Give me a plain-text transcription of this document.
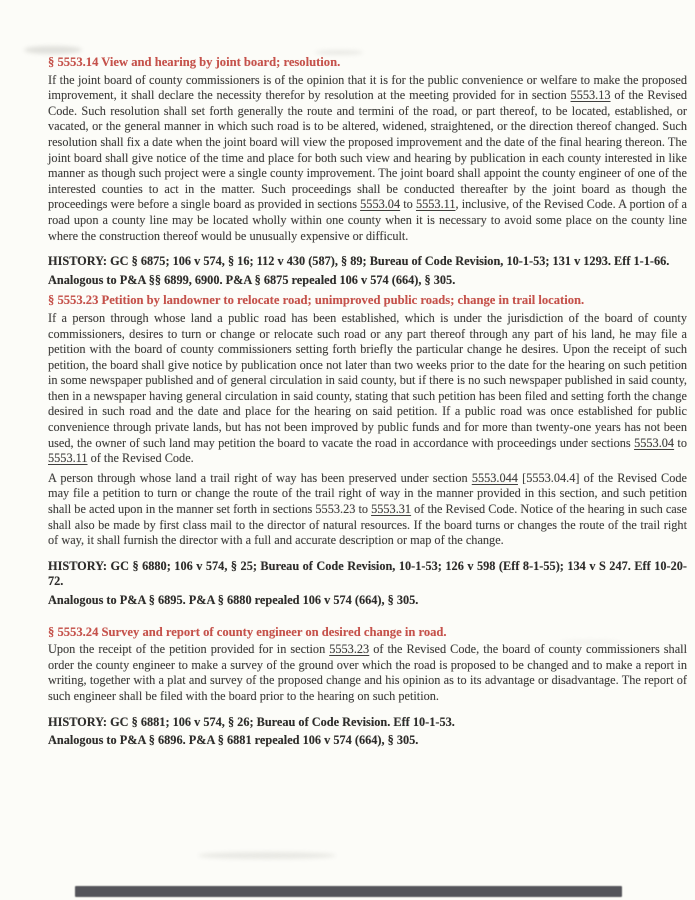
§ 5553.14 View and hearing by joint board; resolution.

If the joint board of county commissioners is of the opinion that it is for the public convenience or welfare to make the proposed improvement, it shall declare the necessity therefor by resolution at the meeting provided for in section 5553.13 of the Revised Code. Such resolution shall set forth generally the route and termini of the road, or part thereof, to be located, established, or vacated, or the general manner in which such road is to be altered, widened, straightened, or the direction thereof changed. Such resolution shall fix a date when the joint board will view the proposed improvement and the date of the final hearing thereon. The joint board shall give notice of the time and place for both such view and hearing by publication in each county interested in like manner as though such project were a single county improvement. The joint board shall appoint the county engineer of one of the interested counties to act in the matter. Such proceedings shall be conducted thereafter by the joint board as though the proceedings were before a single board as provided in sections 5553.04 to 5553.11, inclusive, of the Revised Code. A portion of a road upon a county line may be located wholly within one county when it is necessary to avoid some place on the county line where the construction thereof would be unusually expensive or difficult.

HISTORY: GC § 6875; 106 v 574, § 16; 112 v 430 (587), § 89; Bureau of Code Revision, 10-1-53; 131 v 1293. Eff 1-1-66.

Analogous to P&A §§ 6899, 6900. P&A § 6875 repealed 106 v 574 (664), § 305.

§ 5553.23 Petition by landowner to relocate road; unimproved public roads; change in trail location.

If a person through whose land a public road has been established, which is under the jurisdiction of the board of county commissioners, desires to turn or change or relocate such road or any part thereof through any part of his land, he may file a petition with the board of county commissioners setting forth briefly the particular change he desires. Upon the receipt of such petition, the board shall give notice by publication once not later than two weeks prior to the date for the hearing on such petition in some newspaper published and of general circulation in said county, but if there is no such newspaper published in said county, then in a newspaper having general circulation in said county, stating that such petition has been filed and setting forth the change desired in such road and the date and place for the hearing on said petition. If a public road was once established for public convenience through private lands, but has not been improved by public funds and for more than twenty-one years has not been used, the owner of such land may petition the board to vacate the road in accordance with proceedings under sections 5553.04 to 5553.11 of the Revised Code.

A person through whose land a trail right of way has been preserved under section 5553.044 [5553.04.4] of the Revised Code may file a petition to turn or change the route of the trail right of way in the manner provided in this section, and such petition shall be acted upon in the manner set forth in sections 5553.23 to 5553.31 of the Revised Code. Notice of the hearing in such case shall also be made by first class mail to the director of natural resources. If the board turns or changes the route of the trail right of way, it shall furnish the director with a full and accurate description or map of the change.

HISTORY: GC § 6880; 106 v 574, § 25; Bureau of Code Revision, 10-1-53; 126 v 598 (Eff 8-1-55); 134 v S 247. Eff 10-20-72.

Analogous to P&A § 6895. P&A § 6880 repealed 106 v 574 (664), § 305.

§ 5553.24 Survey and report of county engineer on desired change in road.

Upon the receipt of the petition provided for in section 5553.23 of the Revised Code, the board of county commissioners shall order the county engineer to make a survey of the ground over which the road is proposed to be changed and to make a report in writing, together with a plat and survey of the proposed change and his opinion as to its advantage or disadvantage. The report of such engineer shall be filed with the board prior to the hearing on such petition.

HISTORY: GC § 6881; 106 v 574, § 26; Bureau of Code Revision. Eff 10-1-53.

Analogous to P&A § 6896. P&A § 6881 repealed 106 v 574 (664), § 305.
